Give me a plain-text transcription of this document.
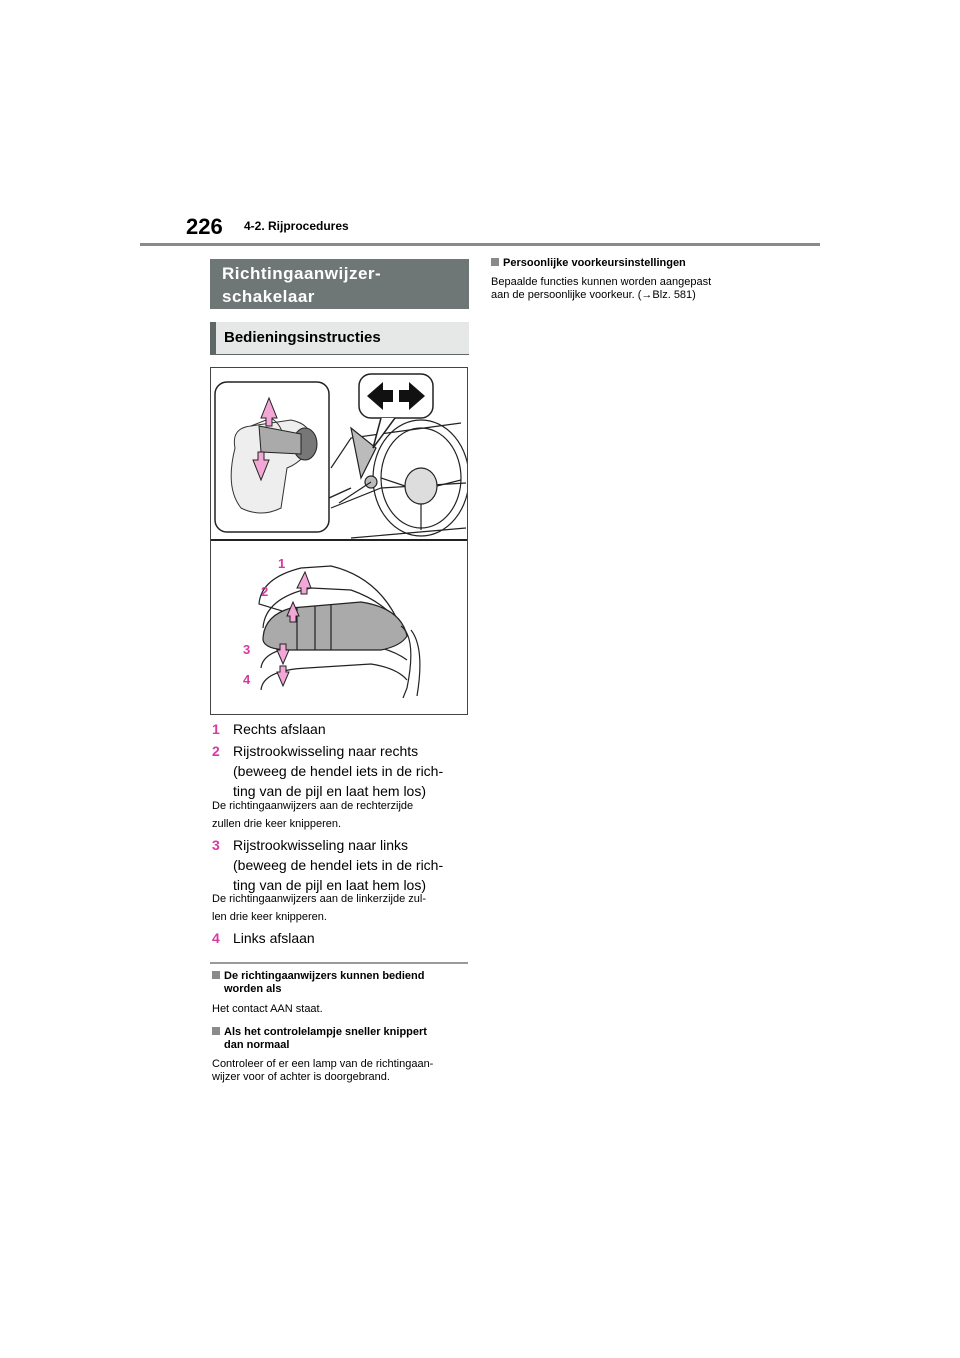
226 4-2. Rijprocedures
Richtingaanwijzer-
schakelaar
Bedieningsinstructies
1
2
3
4
1 Rechts afslaan
2 Rijstrookwisseling naar rechts
(beweeg de hendel iets in de rich-
ting van de pijl en laat hem los)
De richtingaanwijzers aan de rechterzijde
zullen drie keer knipperen.
3 Rijstrookwisseling naar links
(beweeg de hendel iets in de rich-
ting van de pijl en laat hem los)
De richtingaanwijzers aan de linkerzijde zul-
len drie keer knipperen.
4 Links afslaan
De richtingaanwijzers kunnen bediend
worden als
Het contact AAN staat.
Als het controlelampje sneller knippert
dan normaal
Controleer of er een lamp van de richtingaan-
wijzer voor of achter is doorgebrand.
Persoonlijke voorkeursinstellingen
Bepaalde functies kunnen worden aangepast
aan de persoonlijke voorkeur. (→Blz. 581)
